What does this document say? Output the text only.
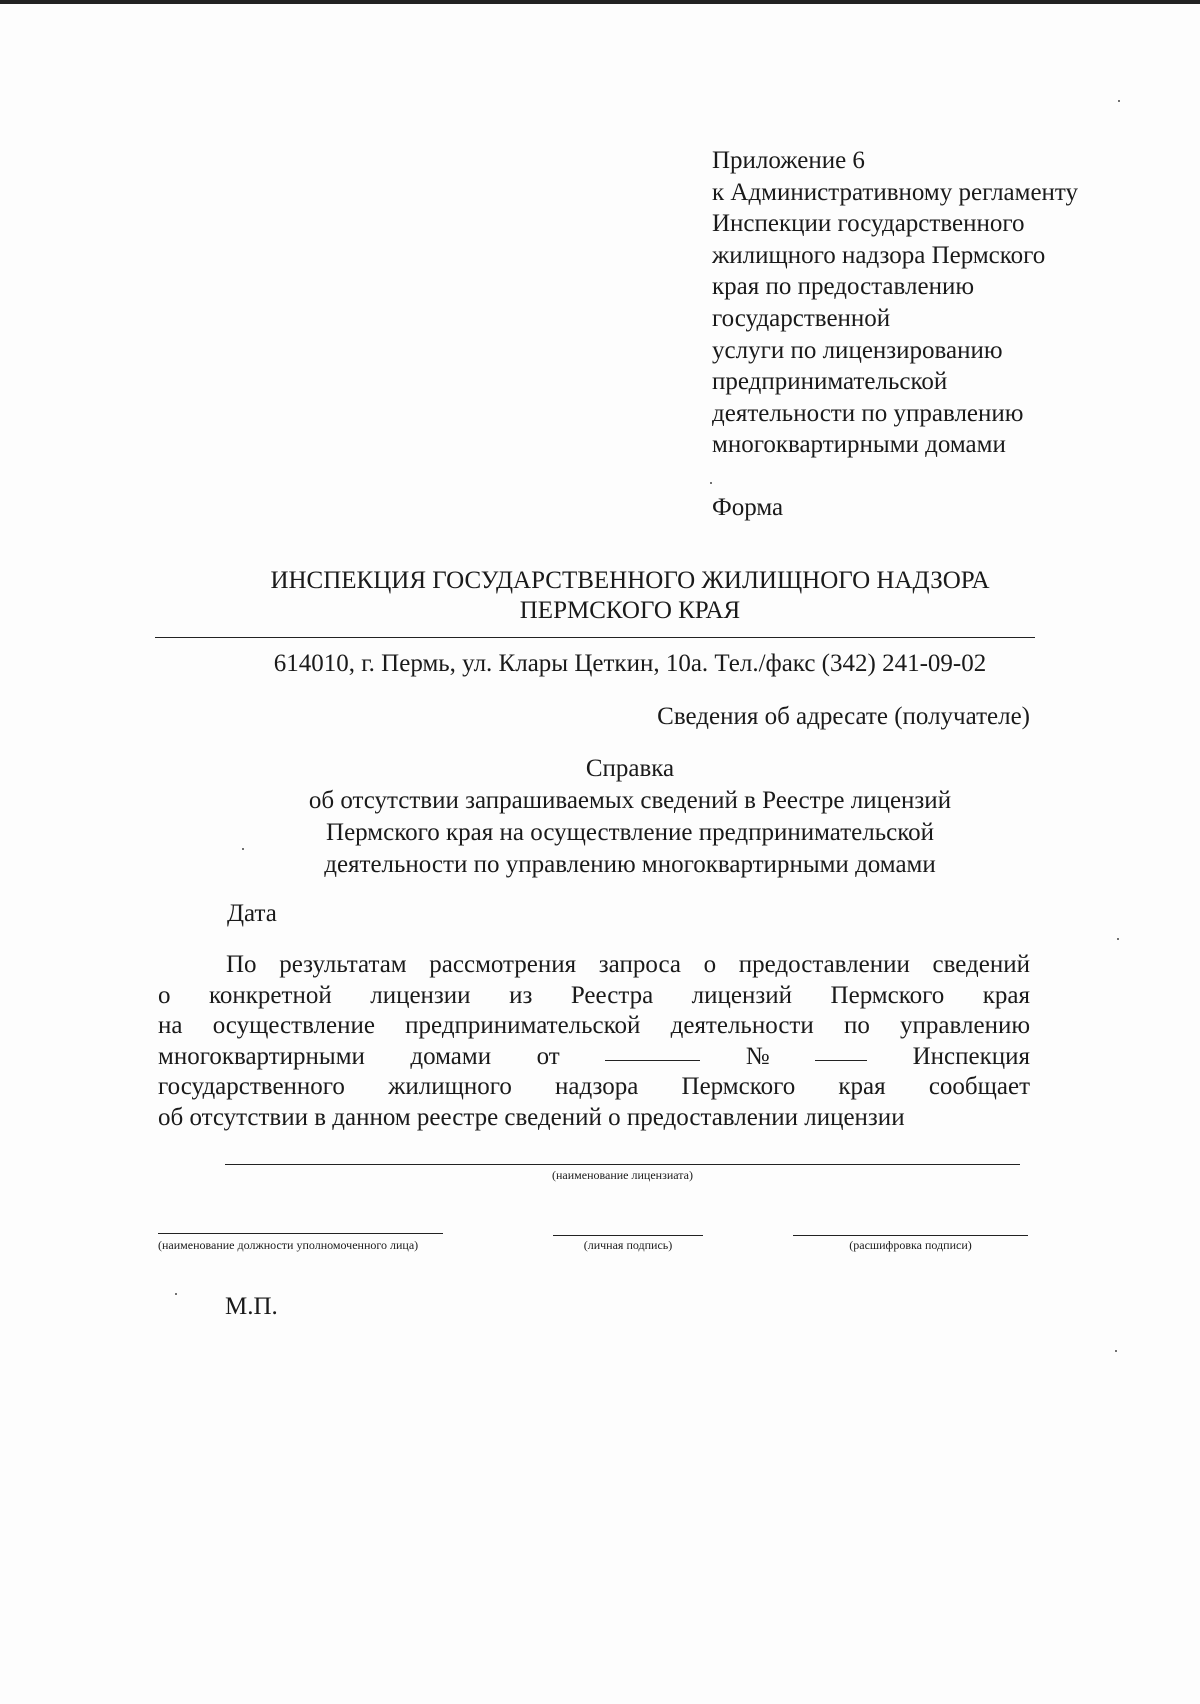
Приложение 6
к Административному регламенту
Инспекции государственного
жилищного надзора Пермского
края по предоставлению
государственной
услуги по лицензированию
предпринимательской
деятельности по управлению
многоквартирными домами
Форма
ИНСПЕКЦИЯ ГОСУДАРСТВЕННОГО ЖИЛИЩНОГО НАДЗОРА
ПЕРМСКОГО КРАЯ
614010, г. Пермь, ул. Клары Цеткин, 10а. Тел./факс (342) 241-09-02
Сведения об адресате (получателе)
Справка
об отсутствии запрашиваемых сведений в Реестре лицензий
Пермского края на осуществление предпринимательской
деятельности по управлению многоквартирными домами
Дата
По результатам рассмотрения запроса о предоставлении сведений
о конкретной лицензии из Реестра лицензий Пермского края
на осуществление предпринимательской деятельности по управлению
многоквартирными домами от	№	Инспекция
государственного жилищного надзора Пермского края сообщает
об отсутствии в данном реестре сведений о предоставлении лицензии
(наименование лицензиата)
(наименование должности уполномоченного лица)	(личная подпись)	(расшифровка подписи)
М.П.
